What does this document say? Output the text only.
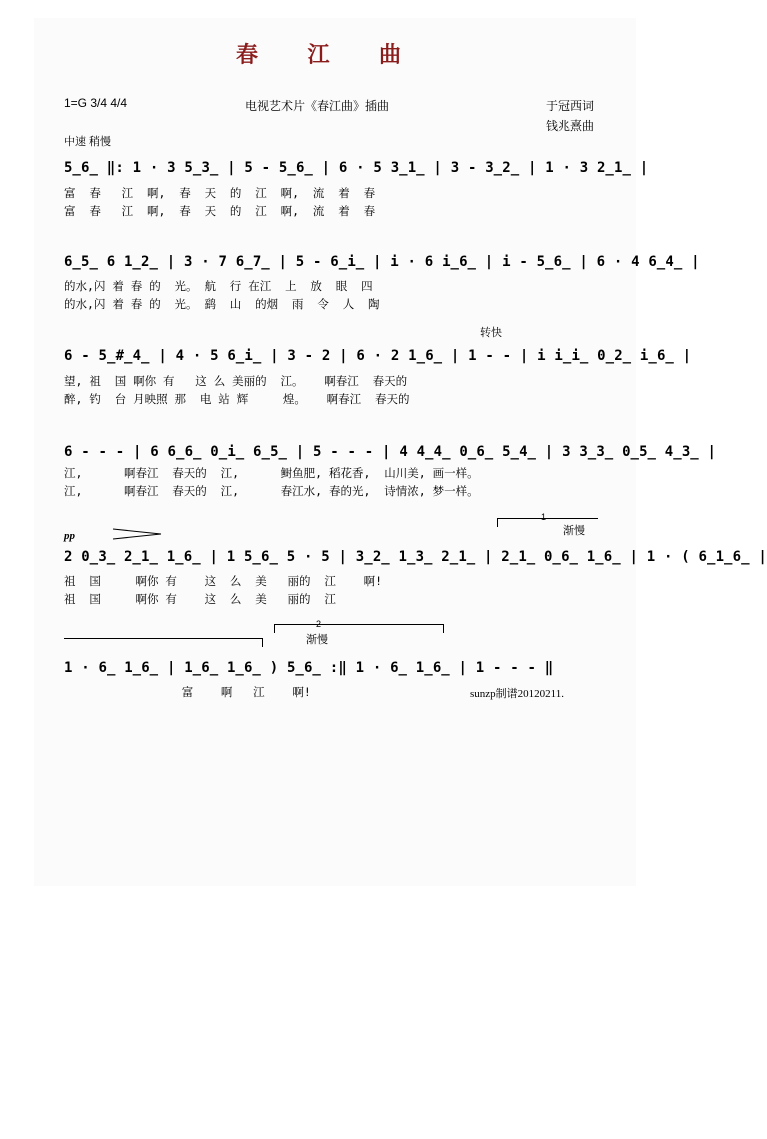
春 江 曲
1=G 3/4 4/4	电视艺术片《春江曲》插曲	于冠西词
钱兆熹曲
中速 稍慢
5̲6̲ ‖: 1 · 3 5̲3̲ | 5 - 5̲6̲ | 6 · 5 3̲1̲ | 3 - 3̲2̲ | 1 · 3 2̲1̲ |
富  春   江  啊,  春  天  的  江  啊,  流  着  春
富  春   江  啊,  春  天  的  江  啊,  流  着  春
6̲5̲ 6 1̲2̲ | 3 · 7 6̲7̲ | 5 - 6̲i̲ | i · 6 i̲6̲ | i - 5̲6̲ | 6 · 4 6̲4̲ |
的水,闪 着 春 的  光。 航  行 在江  上  放  眼  四
的水,闪 着 春 的  光。 鹞  山  的烟  雨  令  人  陶
转快
6 - 5̲#̲4̲ | 4 · 5 6̲i̲ | 3 - 2 | 6 · 2 1̲6̲ | 1 - - | i i̲i̲ 0̲2̲ i̲6̲ |
望, 祖  国 啊你 有   这 么 美丽的  江。   啊春江  春天的
醉, 钓  台 月映照 那  电 站 辉     煌。   啊春江  春天的
6 - - - | 6 6̲6̲ 0̲i̲ 6̲5̲ | 5 - - - | 4 4̲4̲ 0̲6̲ 5̲4̲ | 3 3̲3̲ 0̲5̲ 4̲3̲ |
江,      啊春江  春天的  江,      鲥鱼肥, 稻花香,  山川美, 画一样。
江,      啊春江  春天的  江,      春江水, 春的光,  诗情浓, 梦一样。
1
渐慢
pp
2 0̲3̲ 2̲1̲ 1̲6̲ | 1 5̲6̲ 5 · 5 | 3̲2̲ 1̲3̲ 2̲1̲ | 2̲1̲ 0̲6̲ 1̲6̲ | 1 · ( 6̲1̲6̲ |
祖  国     啊你 有    这  么  美   丽的  江    啊!
祖  国     啊你 有    这  么  美   丽的  江
2
渐慢
1 · 6̲ 1̲6̲ | 1̲6̲ 1̲6̲ ) 5̲6̲ :‖ 1 · 6̲ 1̲6̲ | 1 - - - ‖
富    啊   江    啊!	sunzp制谱20120211.
